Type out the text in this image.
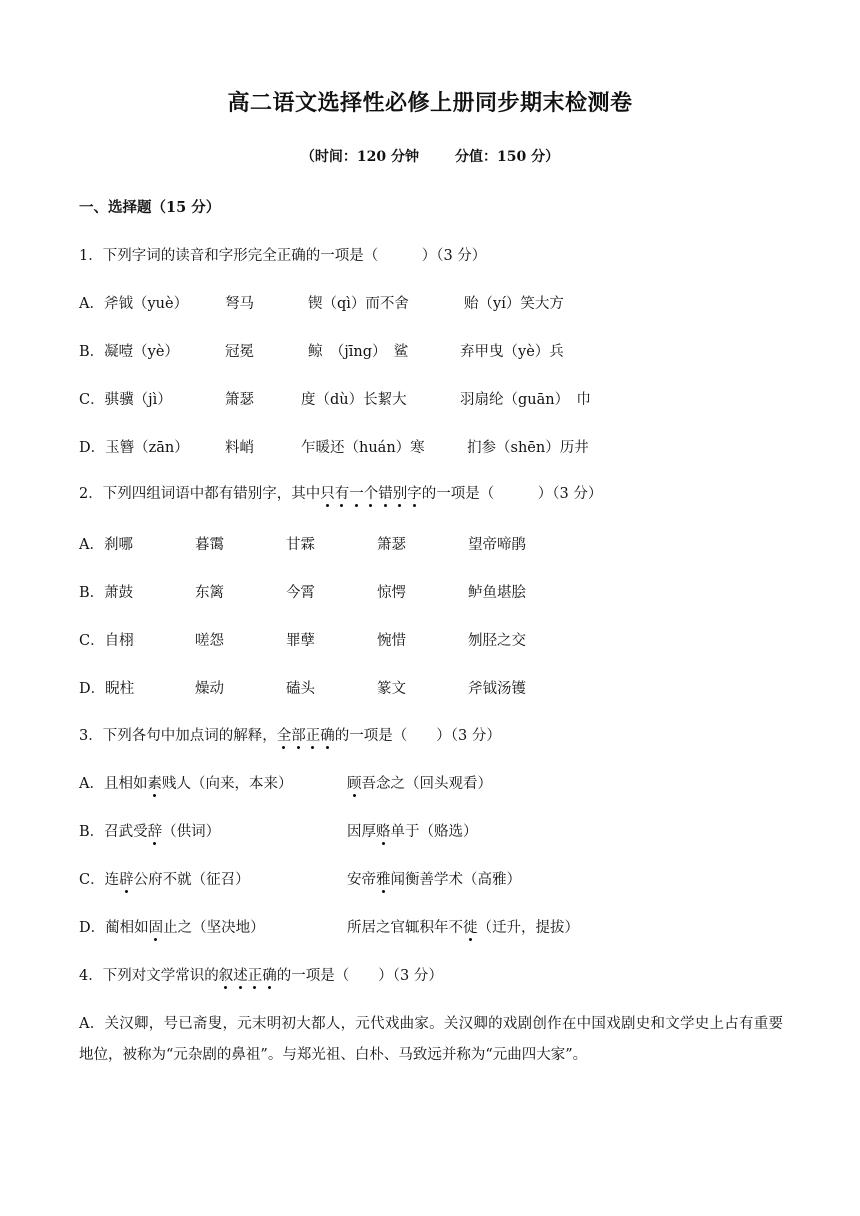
高二语文选择性必修上册同步期末检测卷
（时间：120 分钟	分值：150 分）
一、选择题（15 分）
1．下列字词的读音和字形完全正确的一项是（　　　）（3 分）
A．斧钺（yuè）	弩马	锲（qì）而不舍	贻（yí）笑大方
B．凝噎（yè）	冠冕	鲸　（jīng）　鲨	弃甲曳（yè）兵
C．骐骥（jì）	箫瑟	度（dù）长絜大	羽扇纶（guān）　巾
D．玉簪（zān）	料峭	乍暖还（huán）寒	扪参（shēn）历井
2．下列四组词语中都有错别字，其中只有一个错别字的一项是（　　　）（3 分）
A．刹哪	暮霭	甘霖	箫瑟	望帝啼鹃
B．萧鼓	东篱	今霄	惊愕	鲈鱼堪脍
C．自栩	嗟怨	罪孽	惋惜	刎胫之交
D．睨柱	燥动	磕头	篆文	斧钺汤镬
3．下列各句中加点词的解释，全部正确的一项是（　　）（3 分）
A．且相如素贱人（向来，本来）	顾吾念之（回头观看）
B．召武受辞（供词）	因厚赂单于（赂选）
C．连辟公府不就（征召）	安帝雅闻衡善学术（高雅）
D．蔺相如固止之（坚决地）	所居之官辄积年不徙（迁升，提拔）
4．下列对文学常识的叙述正确的一项是（　　）（3 分）
A．关汉卿，号已斋叟，元末明初大都人，元代戏曲家。关汉卿的戏剧创作在中国戏剧史和文学史上占有重要地位，被称为“元杂剧的鼻祖”。与郑光祖、白朴、马致远并称为“元曲四大家”。
